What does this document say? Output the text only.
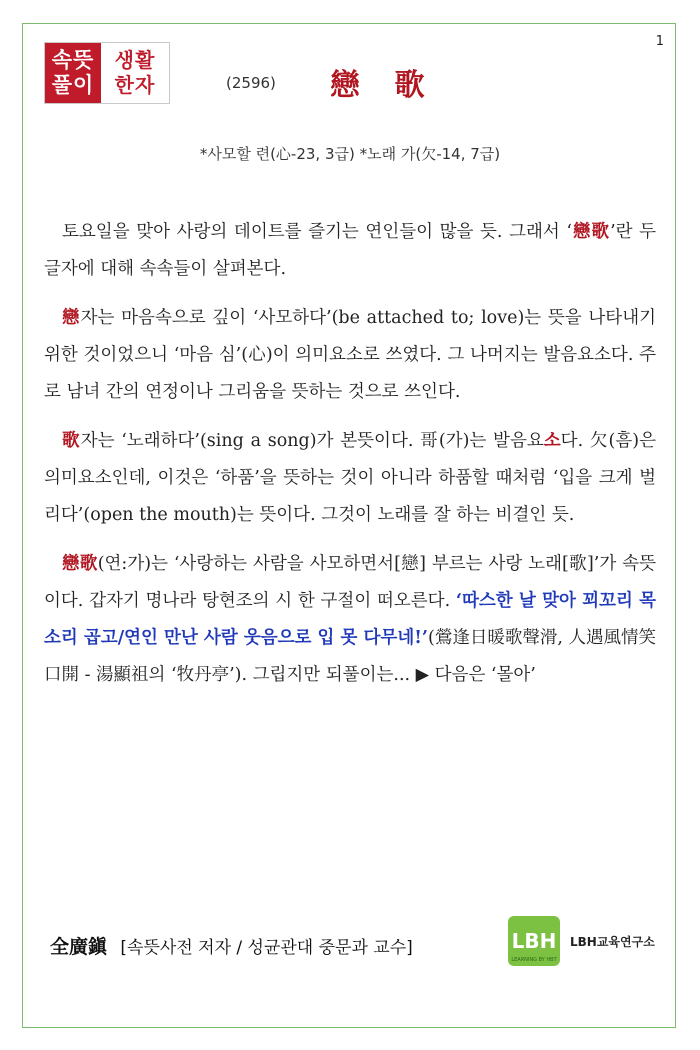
1
속뜻
풀이
생활
한자	(2596) 戀 歌
*사모할 련(心-23, 3급) *노래 가(欠-14, 7급)

토요일을 맞아 사랑의 데이트를 즐기는 연인들이 많을 듯. 그래서 ‘戀歌’란 두 글자에 대해 속속들이 살펴본다.

戀자는 마음속으로 깊이 ‘사모하다’(be attached to; love)는 뜻을 나타내기 위한 것이었으니 ‘마음 심’(心)이 의미요소로 쓰였다. 그 나머지는 발음요소다. 주로 남녀 간의 연정이나 그리움을 뜻하는 것으로 쓰인다.

歌자는 ‘노래하다’(sing a song)가 본뜻이다. 哥(가)는 발음요소다. 欠(흠)은 의미요소인데, 이것은 ‘하품’을 뜻하는 것이 아니라 하품할 때처럼 ‘입을 크게 벌리다’(open the mouth)는 뜻이다. 그것이 노래를 잘 하는 비결인 듯.

戀歌(연:가)는 ‘사랑하는 사람을 사모하면서[戀] 부르는 사랑 노래[歌]’가 속뜻이다. 갑자기 명나라 탕현조의 시 한 구절이 떠오른다. ‘따스한 날 맞아 꾀꼬리 목소리 곱고/연인 만난 사람 웃음으로 입 못 다무네!’(鶯逢日暖歌聲滑, 人遇風情笑口開 - 湯顯祖의 ‘牧丹亭’). 그립지만 되풀이는... ▶ 다음은 ‘몰아’

全廣鎭 [속뜻사전 저자 / 성균관대 중문과 교수]	LBH
LEARNING BY HBT
LBH교육연구소
